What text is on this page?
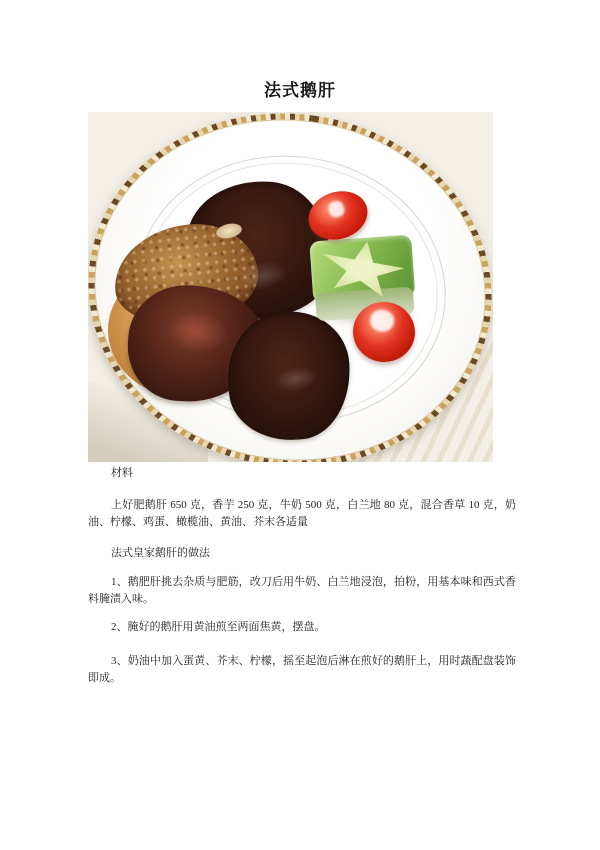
法式鹅肝

材料

上好肥鹅肝 650 克，香芋 250 克，牛奶 500 克，白兰地 80 克，混合香草 10 克，奶油、柠檬、鸡蛋、橄榄油、黄油、芥末各适量

法式皇家鹅肝的做法

1、鹅肥肝挑去杂质与肥筋，改刀后用牛奶、白兰地浸泡，拍粉，用基本味和西式香料腌渍入味。

2、腌好的鹅肝用黄油煎至两面焦黄，摆盘。

3、奶油中加入蛋黄、芥末、柠檬，摇至起泡后淋在煎好的鹅肝上，用时蔬配盘装饰即成。
